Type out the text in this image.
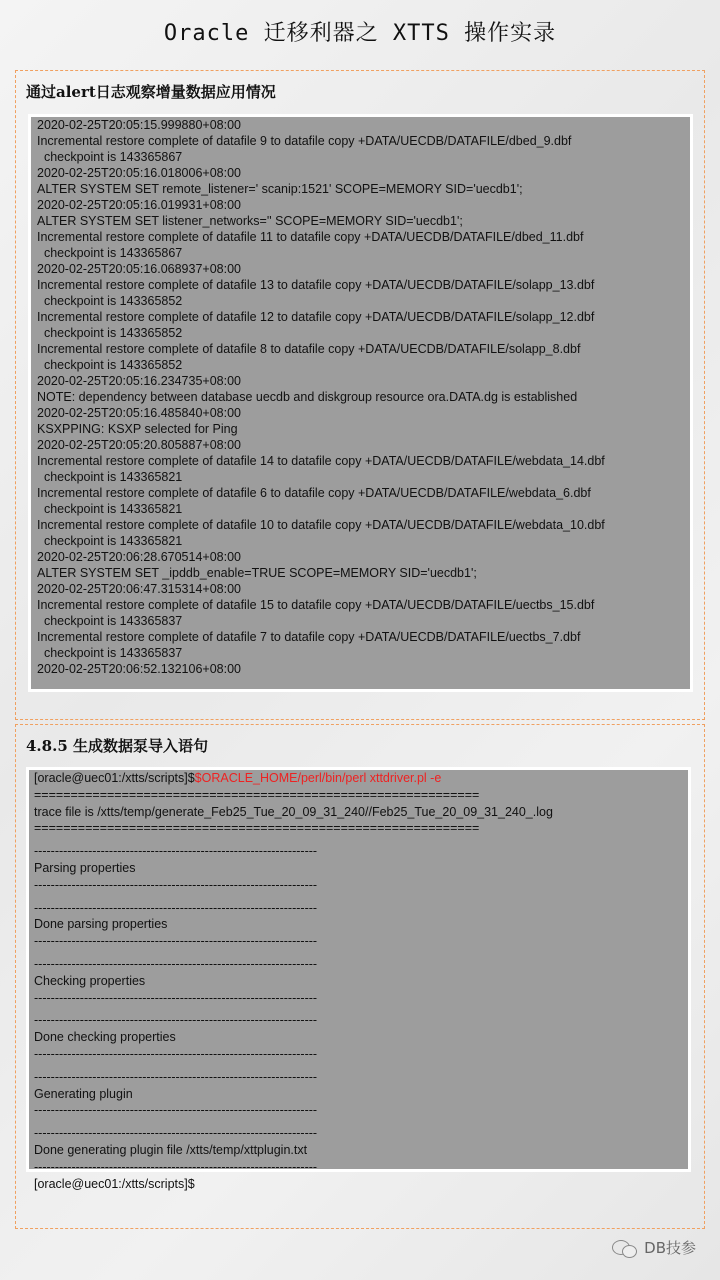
Oracle 迁移利器之 XTTS 操作实录
通过alert日志观察增量数据应用情况
2020-02-25T20:05:15.999880+08:00
Incremental restore complete of datafile 9 to datafile copy +DATA/UECDB/DATAFILE/dbed_9.dbf
checkpoint is 143365867
2020-02-25T20:05:16.018006+08:00
ALTER SYSTEM SET remote_listener=' scanip:1521' SCOPE=MEMORY SID='uecdb1';
2020-02-25T20:05:16.019931+08:00
ALTER SYSTEM SET listener_networks='' SCOPE=MEMORY SID='uecdb1';
Incremental restore complete of datafile 11 to datafile copy +DATA/UECDB/DATAFILE/dbed_11.dbf
checkpoint is 143365867
2020-02-25T20:05:16.068937+08:00
Incremental restore complete of datafile 13 to datafile copy +DATA/UECDB/DATAFILE/solapp_13.dbf
checkpoint is 143365852
Incremental restore complete of datafile 12 to datafile copy +DATA/UECDB/DATAFILE/solapp_12.dbf
checkpoint is 143365852
Incremental restore complete of datafile 8 to datafile copy +DATA/UECDB/DATAFILE/solapp_8.dbf
checkpoint is 143365852
2020-02-25T20:05:16.234735+08:00
NOTE: dependency between database uecdb and diskgroup resource ora.DATA.dg is established
2020-02-25T20:05:16.485840+08:00
KSXPPING: KSXP selected for Ping
2020-02-25T20:05:20.805887+08:00
Incremental restore complete of datafile 14 to datafile copy +DATA/UECDB/DATAFILE/webdata_14.dbf
checkpoint is 143365821
Incremental restore complete of datafile 6 to datafile copy +DATA/UECDB/DATAFILE/webdata_6.dbf
checkpoint is 143365821
Incremental restore complete of datafile 10 to datafile copy +DATA/UECDB/DATAFILE/webdata_10.dbf
checkpoint is 143365821
2020-02-25T20:06:28.670514+08:00
ALTER SYSTEM SET _ipddb_enable=TRUE SCOPE=MEMORY SID='uecdb1';
2020-02-25T20:06:47.315314+08:00
Incremental restore complete of datafile 15 to datafile copy +DATA/UECDB/DATAFILE/uectbs_15.dbf
checkpoint is 143365837
Incremental restore complete of datafile 7 to datafile copy +DATA/UECDB/DATAFILE/uectbs_7.dbf
checkpoint is 143365837
2020-02-25T20:06:52.132106+08:00
4.8.5 生成数据泵导入语句
[oracle@uec01:/xtts/scripts]$$ORACLE_HOME/perl/bin/perl xttdriver.pl -e
=============================================================
trace file is /xtts/temp/generate_Feb25_Tue_20_09_31_240//Feb25_Tue_20_09_31_240_.log
=============================================================
--------------------------------------------------------------------
Parsing properties
--------------------------------------------------------------------
--------------------------------------------------------------------
Done parsing properties
--------------------------------------------------------------------
--------------------------------------------------------------------
Checking properties
--------------------------------------------------------------------
--------------------------------------------------------------------
Done checking properties
--------------------------------------------------------------------
--------------------------------------------------------------------
Generating plugin
--------------------------------------------------------------------
--------------------------------------------------------------------
Done generating plugin file /xtts/temp/xttplugin.txt
--------------------------------------------------------------------
[oracle@uec01:/xtts/scripts]$
DB技参
